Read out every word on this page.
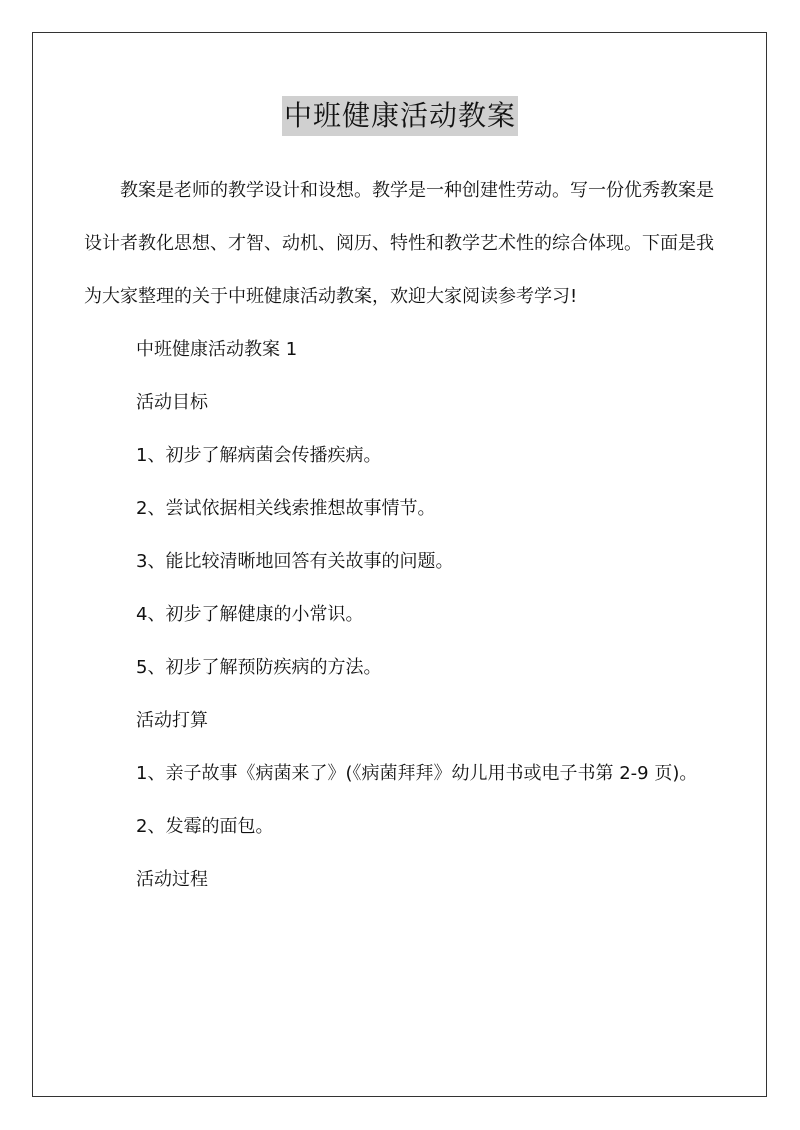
中班健康活动教案

教案是老师的教学设计和设想。教学是一种创建性劳动。写一份优秀教案是设计者教化思想、才智、动机、阅历、特性和教学艺术性的综合体现。下面是我为大家整理的关于中班健康活动教案，欢迎大家阅读参考学习!

中班健康活动教案 1

活动目标

1、初步了解病菌会传播疾病。

2、尝试依据相关线索推想故事情节。

3、能比较清晰地回答有关故事的问题。

4、初步了解健康的小常识。

5、初步了解预防疾病的方法。

活动打算

1、亲子故事《病菌来了》(《病菌拜拜》幼儿用书或电子书第 2-9 页)。

2、发霉的面包。

活动过程
